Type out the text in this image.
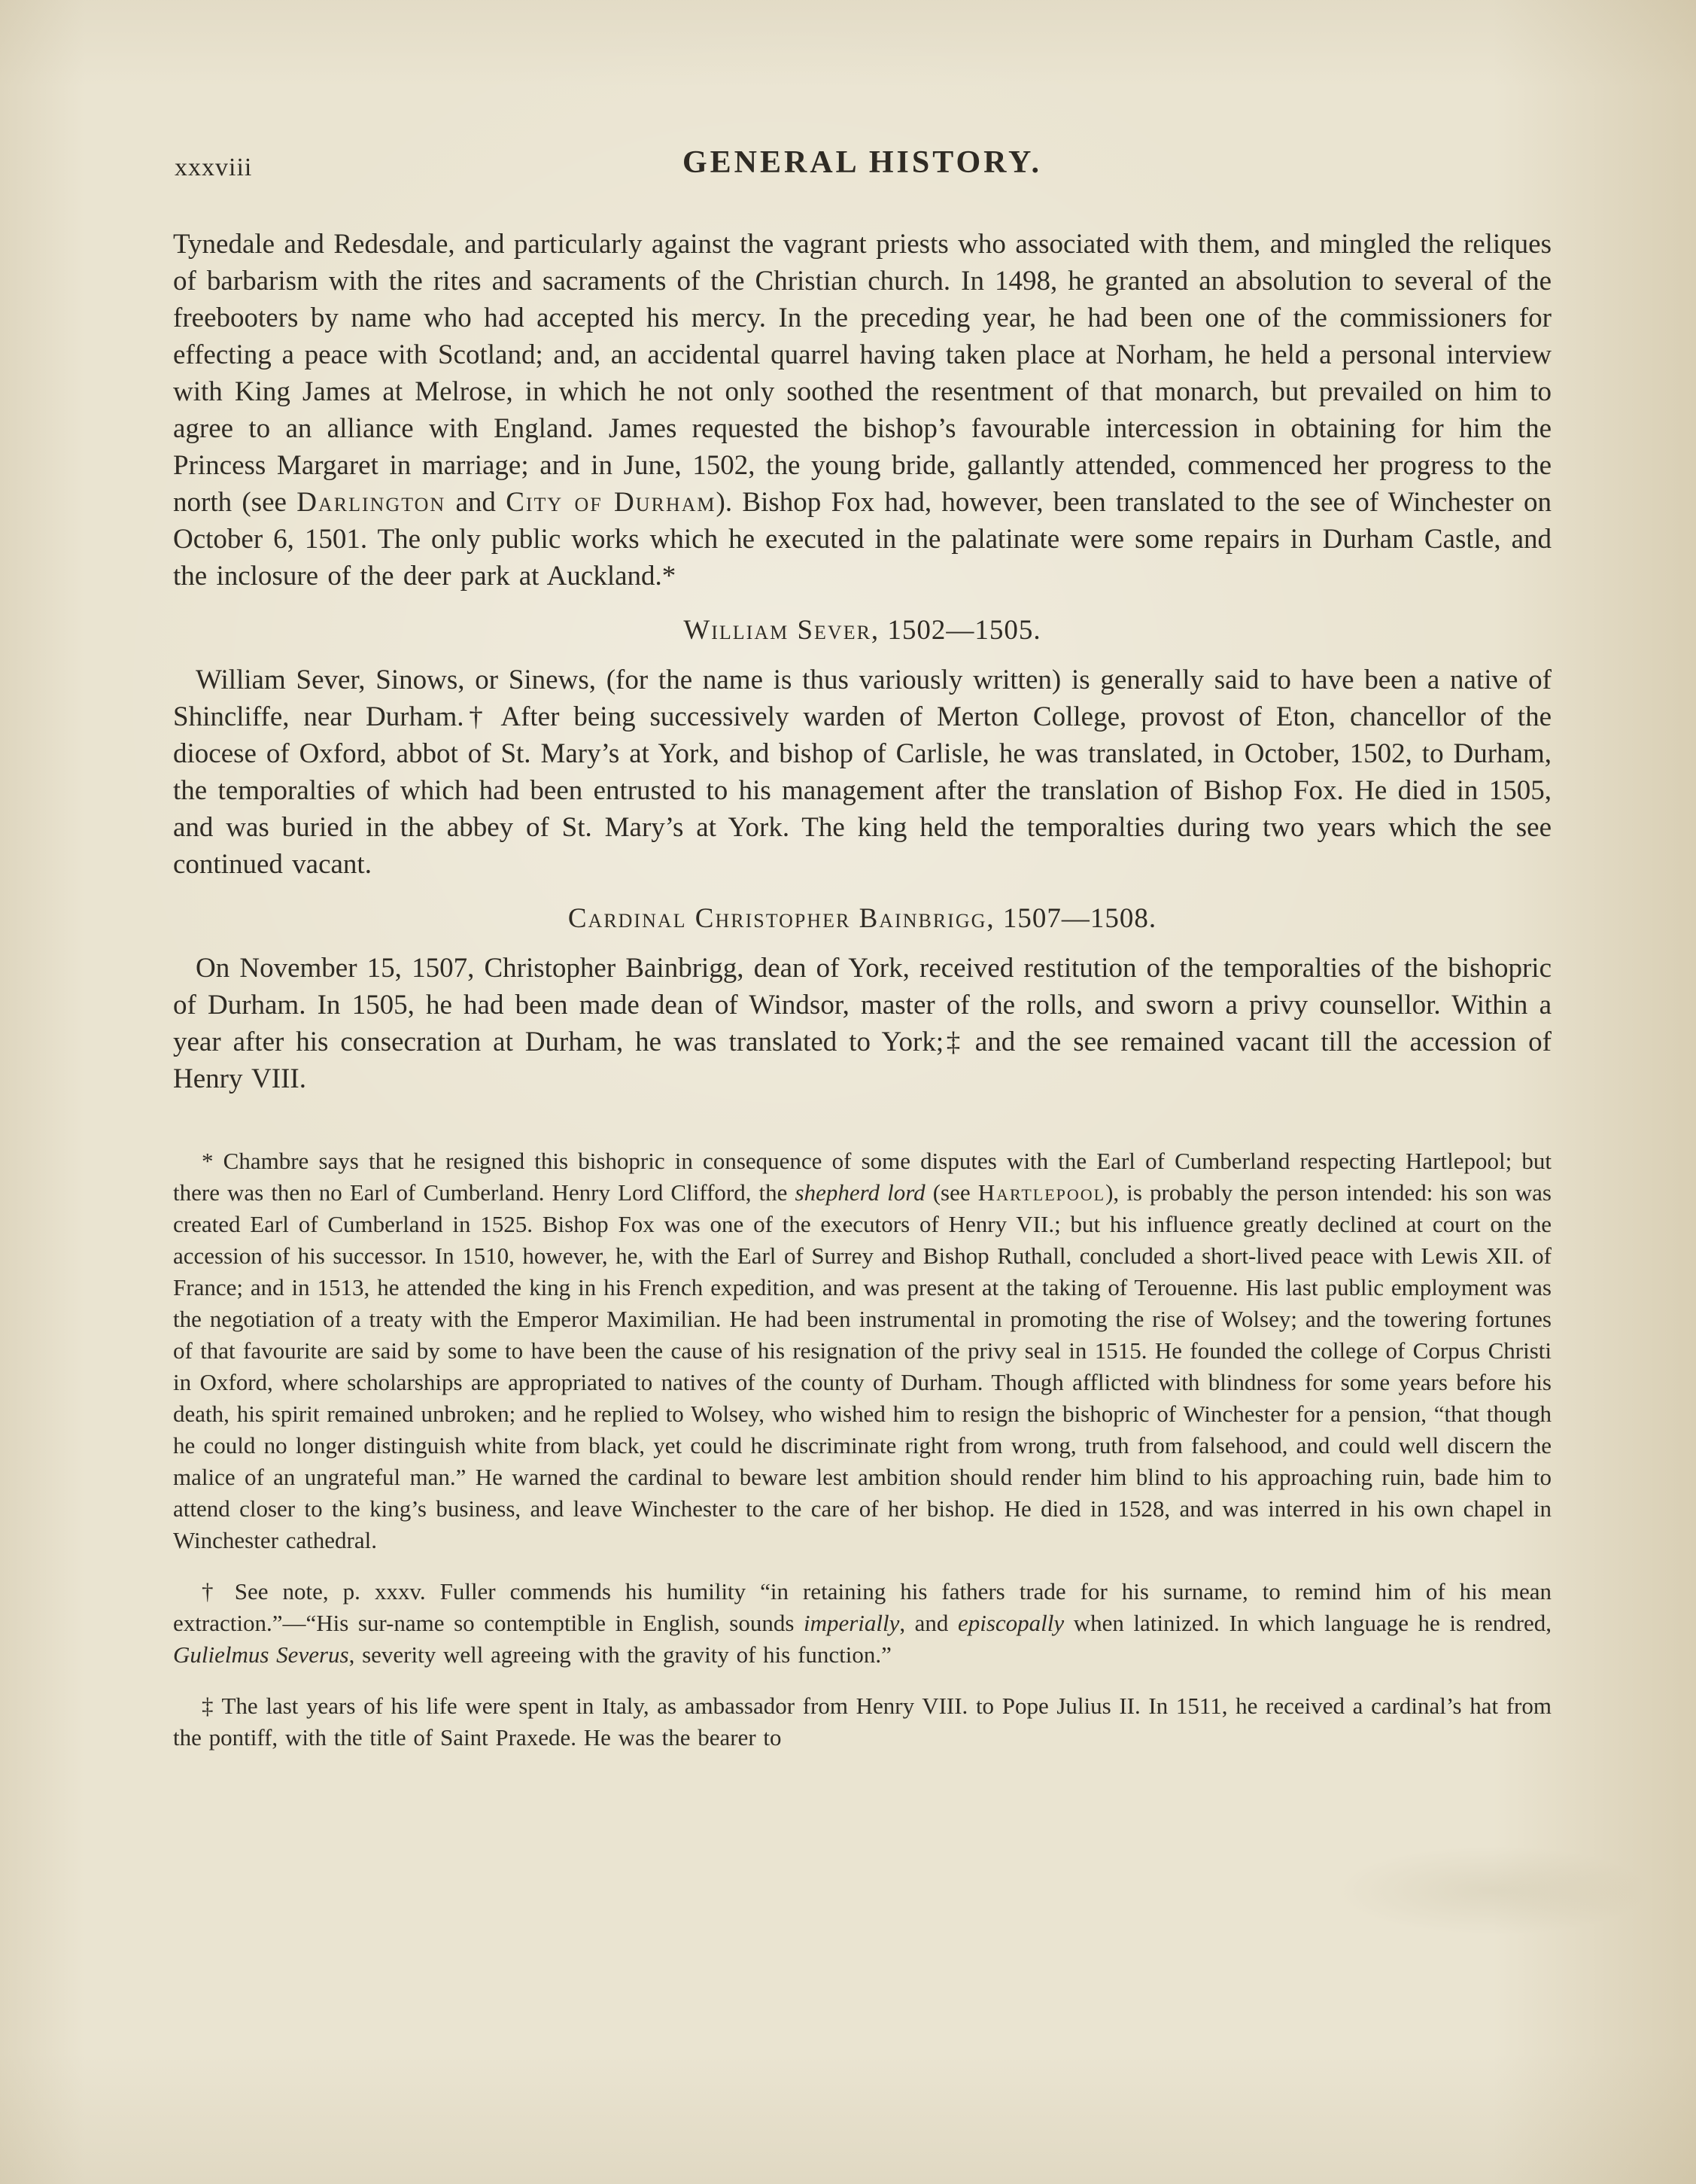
xxxviii	GENERAL HISTORY.

Tynedale and Redesdale, and particularly against the vagrant priests who associated with them, and mingled the reliques of barbarism with the rites and sacraments of the Christian church. In 1498, he granted an absolution to several of the freebooters by name who had accepted his mercy. In the preceding year, he had been one of the commissioners for effecting a peace with Scotland; and, an accidental quarrel having taken place at Norham, he held a personal interview with King James at Melrose, in which he not only soothed the resentment of that monarch, but prevailed on him to agree to an alliance with England. James requested the bishop’s favourable intercession in obtaining for him the Princess Margaret in marriage; and in June, 1502, the young bride, gallantly attended, commenced her progress to the north (see Darlington and City of Durham). Bishop Fox had, however, been translated to the see of Winchester on October 6, 1501. The only public works which he executed in the palatinate were some repairs in Durham Castle, and the inclosure of the deer park at Auckland.*

William Sever, 1502—1505.

William Sever, Sinows, or Sinews, (for the name is thus variously written) is generally said to have been a native of Shincliffe, near Durham.† After being successively warden of Merton College, provost of Eton, chancellor of the diocese of Oxford, abbot of St. Mary’s at York, and bishop of Carlisle, he was translated, in October, 1502, to Durham, the temporalties of which had been entrusted to his management after the translation of Bishop Fox. He died in 1505, and was buried in the abbey of St. Mary’s at York. The king held the temporalties during two years which the see continued vacant.

Cardinal Christopher Bainbrigg, 1507—1508.

On November 15, 1507, Christopher Bainbrigg, dean of York, received restitution of the temporalties of the bishopric of Durham. In 1505, he had been made dean of Windsor, master of the rolls, and sworn a privy counsellor. Within a year after his consecration at Durham, he was translated to York;‡ and the see remained vacant till the accession of Henry VIII.

* Chambre says that he resigned this bishopric in consequence of some disputes with the Earl of Cumberland respecting Hartlepool; but there was then no Earl of Cumberland. Henry Lord Clifford, the shepherd lord (see Hartlepool), is probably the person intended: his son was created Earl of Cumberland in 1525. Bishop Fox was one of the executors of Henry VII.; but his influence greatly declined at court on the accession of his successor. In 1510, however, he, with the Earl of Surrey and Bishop Ruthall, concluded a short-lived peace with Lewis XII. of France; and in 1513, he attended the king in his French expedition, and was present at the taking of Terouenne. His last public employment was the negotiation of a treaty with the Emperor Maximilian. He had been instrumental in promoting the rise of Wolsey; and the towering fortunes of that favourite are said by some to have been the cause of his resignation of the privy seal in 1515. He founded the college of Corpus Christi in Oxford, where scholarships are appropriated to natives of the county of Durham. Though afflicted with blindness for some years before his death, his spirit remained unbroken; and he replied to Wolsey, who wished him to resign the bishopric of Winchester for a pension, “that though he could no longer distinguish white from black, yet could he discriminate right from wrong, truth from falsehood, and could well discern the malice of an ungrateful man.” He warned the cardinal to beware lest ambition should render him blind to his approaching ruin, bade him to attend closer to the king’s business, and leave Winchester to the care of her bishop. He died in 1528, and was interred in his own chapel in Winchester cathedral.

† See note, p. xxxv. Fuller commends his humility “in retaining his fathers trade for his surname, to remind him of his mean extraction.”—“His sur-name so contemptible in English, sounds imperially, and episcopally when latinized. In which language he is rendred, Gulielmus Severus, severity well agreeing with the gravity of his function.”

‡ The last years of his life were spent in Italy, as ambassador from Henry VIII. to Pope Julius II. In 1511, he received a cardinal’s hat from the pontiff, with the title of Saint Praxede. He was the bearer to
